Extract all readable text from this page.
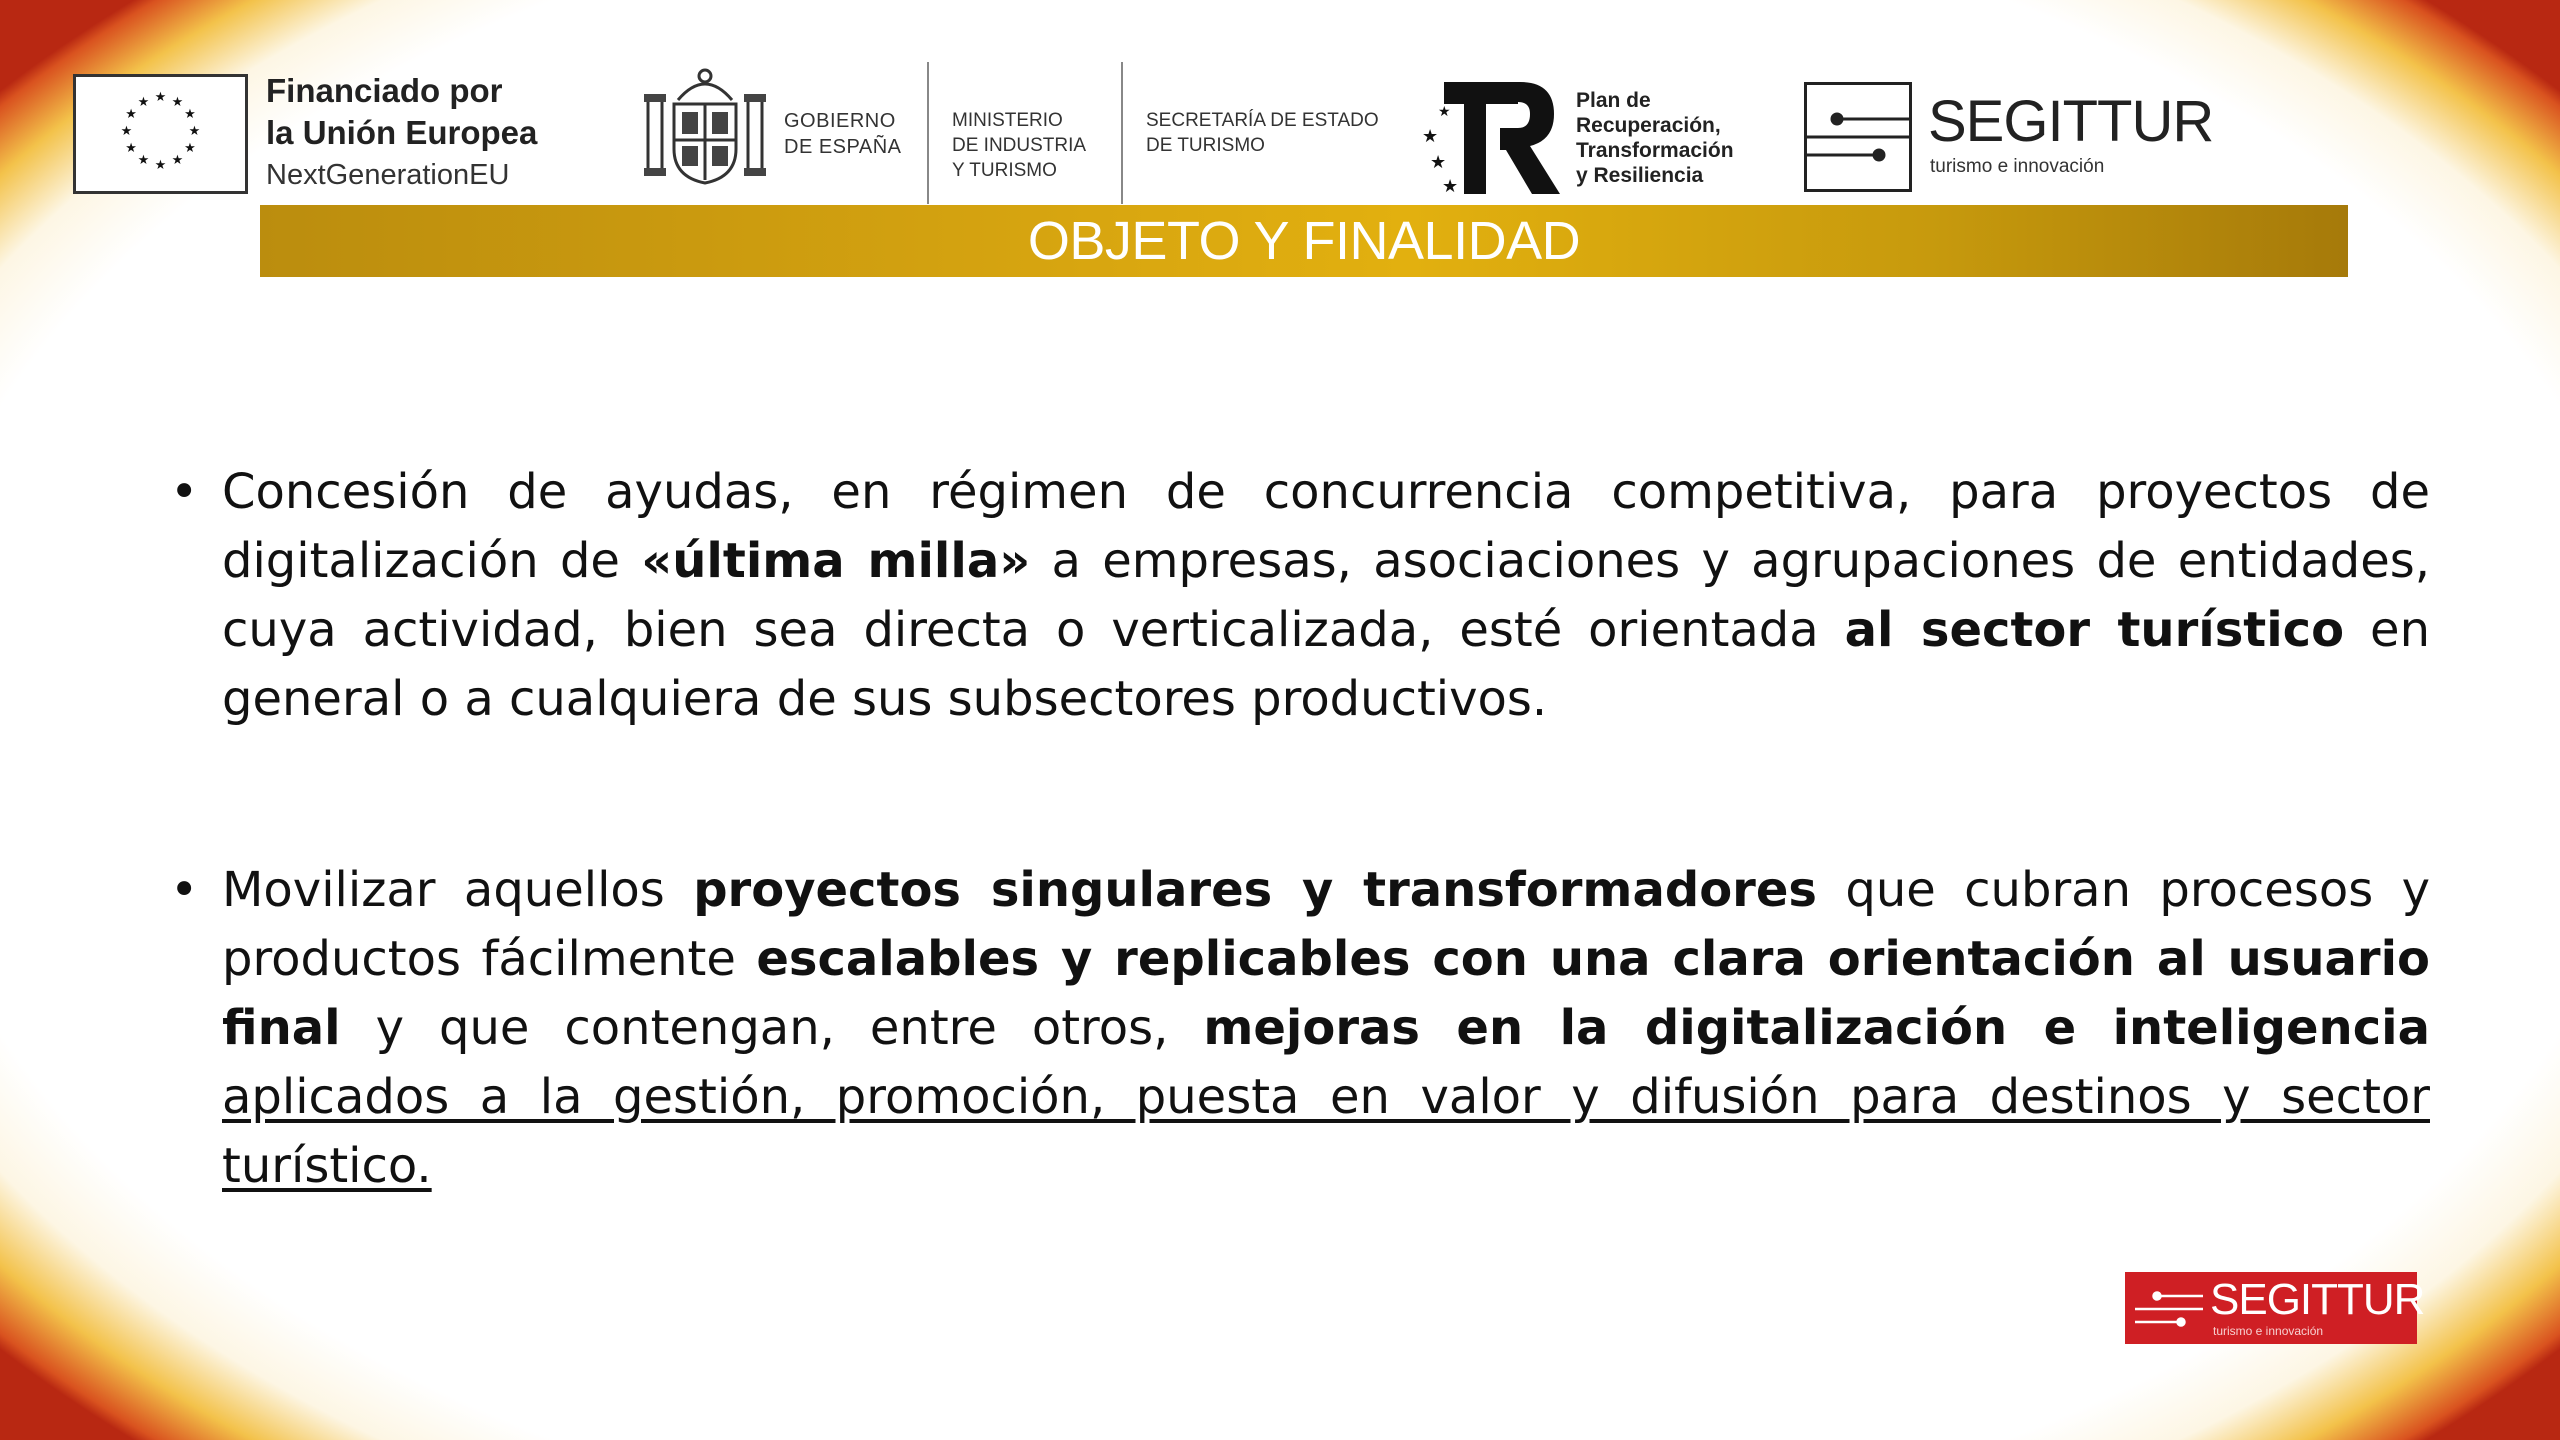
★ ★
★
★
★
★
★
★
★
★
★
★	Financiado por
la Unión Europea
NextGenerationEU
GOBIERNO
DE ESPAÑA
MINISTERIO
DE INDUSTRIA
Y TURISMO
SECRETARÍA DE ESTADO
DE TURISMO	★
★
★
★	Plan de
Recuperación,
Transformación
y Resiliencia
SEGITTUR
turismo e innovación
OBJETO Y FINALIDAD
• Concesión de ayudas, en régimen de concurrencia competitiva, para proyectos de digitalización de «última milla» a empresas, asociaciones y agrupaciones de entidades, cuya actividad, bien sea directa o verticalizada, esté orientada al sector turístico en general o a cualquiera de sus subsectores productivos.
• Movilizar aquellos proyectos singulares y transformadores que cubran procesos y productos fácilmente escalables y replicables con una clara orientación al usuario final y que contengan, entre otros, mejoras en la digitalización e inteligencia aplicados a la gestión, promoción, puesta en valor y difusión para destinos y sector turístico.
SEGITTUR
turismo e innovación
